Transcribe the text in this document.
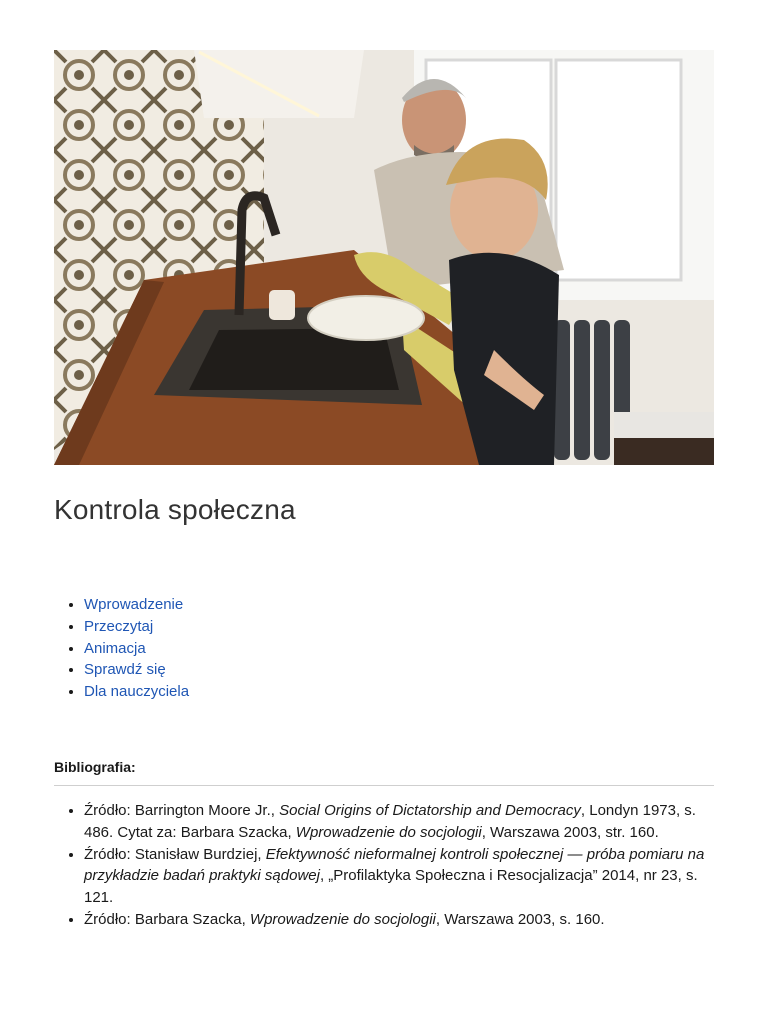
Kontrola społeczna
• Wprowadzenie
• Przeczytaj
• Animacja
• Sprawdź się
• Dla nauczyciela
Bibliografia:
• Źródło: Barrington Moore Jr., Social Origins of Dictatorship and Democracy, Londyn 1973, s. 486. Cytat za: Barbara Szacka, Wprowadzenie do socjologii, Warszawa 2003, str. 160.
• Źródło: Stanisław Burdziej, Efektywność nieformalnej kontroli społecznej — próba pomiaru na przykładzie badań praktyki sądowej, „Profilaktyka Społeczna i Resocjalizacja” 2014, nr 23, s. 121.
• Źródło: Barbara Szacka, Wprowadzenie do socjologii, Warszawa 2003, s. 160.
